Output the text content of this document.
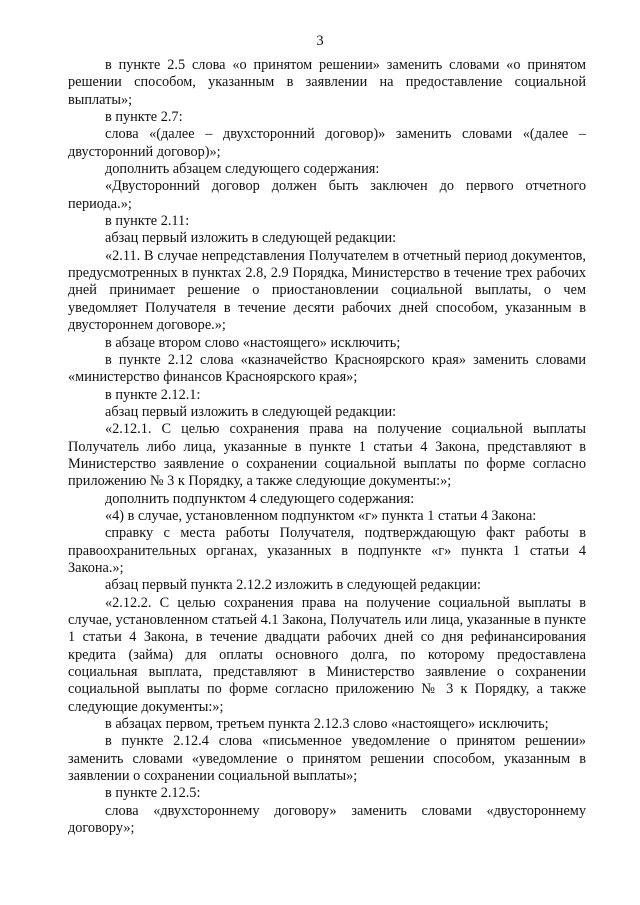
3

в пункте 2.5 слова «о принятом решении» заменить словами «о принятом решении способом, указанным в заявлении на предоставление социальной выплаты»;

в пункте 2.7:

слова «(далее – двухсторонний договор)» заменить словами «(далее – двусторонний договор)»;

дополнить абзацем следующего содержания:

«Двусторонний договор должен быть заключен до первого отчетного периода.»;

в пункте 2.11:

абзац первый изложить в следующей редакции:

«2.11. В случае непредставления Получателем в отчетный период документов, предусмотренных в пунктах 2.8, 2.9 Порядка, Министерство в течение трех рабочих дней принимает решение о приостановлении социальной выплаты, о чем уведомляет Получателя в течение десяти рабочих дней способом, указанным в двустороннем договоре.»;

в абзаце втором слово «настоящего» исключить;

в пункте 2.12 слова «казначейство Красноярского края» заменить словами «министерство финансов Красноярского края»;

в пункте 2.12.1:

абзац первый изложить в следующей редакции:

«2.12.1. С целью сохранения права на получение социальной выплаты Получатель либо лица, указанные в пункте 1 статьи 4 Закона, представляют в Министерство заявление о сохранении социальной выплаты по форме согласно приложению № 3 к Порядку, а также следующие документы:»;

дополнить подпунктом 4 следующего содержания:

«4) в случае, установленном подпунктом «г» пункта 1 статьи 4 Закона:

справку с места работы Получателя, подтверждающую факт работы в правоохранительных органах, указанных в подпункте «г» пункта 1 статьи 4 Закона.»;

абзац первый пункта 2.12.2 изложить в следующей редакции:

«2.12.2. С целью сохранения права на получение социальной выплаты в случае, установленном статьей 4.1 Закона, Получатель или лица, указанные в пункте 1 статьи 4 Закона, в течение двадцати рабочих дней со дня рефинансирования кредита (займа) для оплаты основного долга, по которому предоставлена социальная выплата, представляют в Министерство заявление о сохранении социальной выплаты по форме согласно приложению № 3 к Порядку, а также следующие документы:»;

в абзацах первом, третьем пункта 2.12.3 слово «настоящего» исключить;

в пункте 2.12.4 слова «письменное уведомление о принятом решении» заменить словами «уведомление о принятом решении способом, указанным в заявлении о сохранении социальной выплаты»;

в пункте 2.12.5:

слова «двухстороннему договору» заменить словами «двустороннему договору»;
